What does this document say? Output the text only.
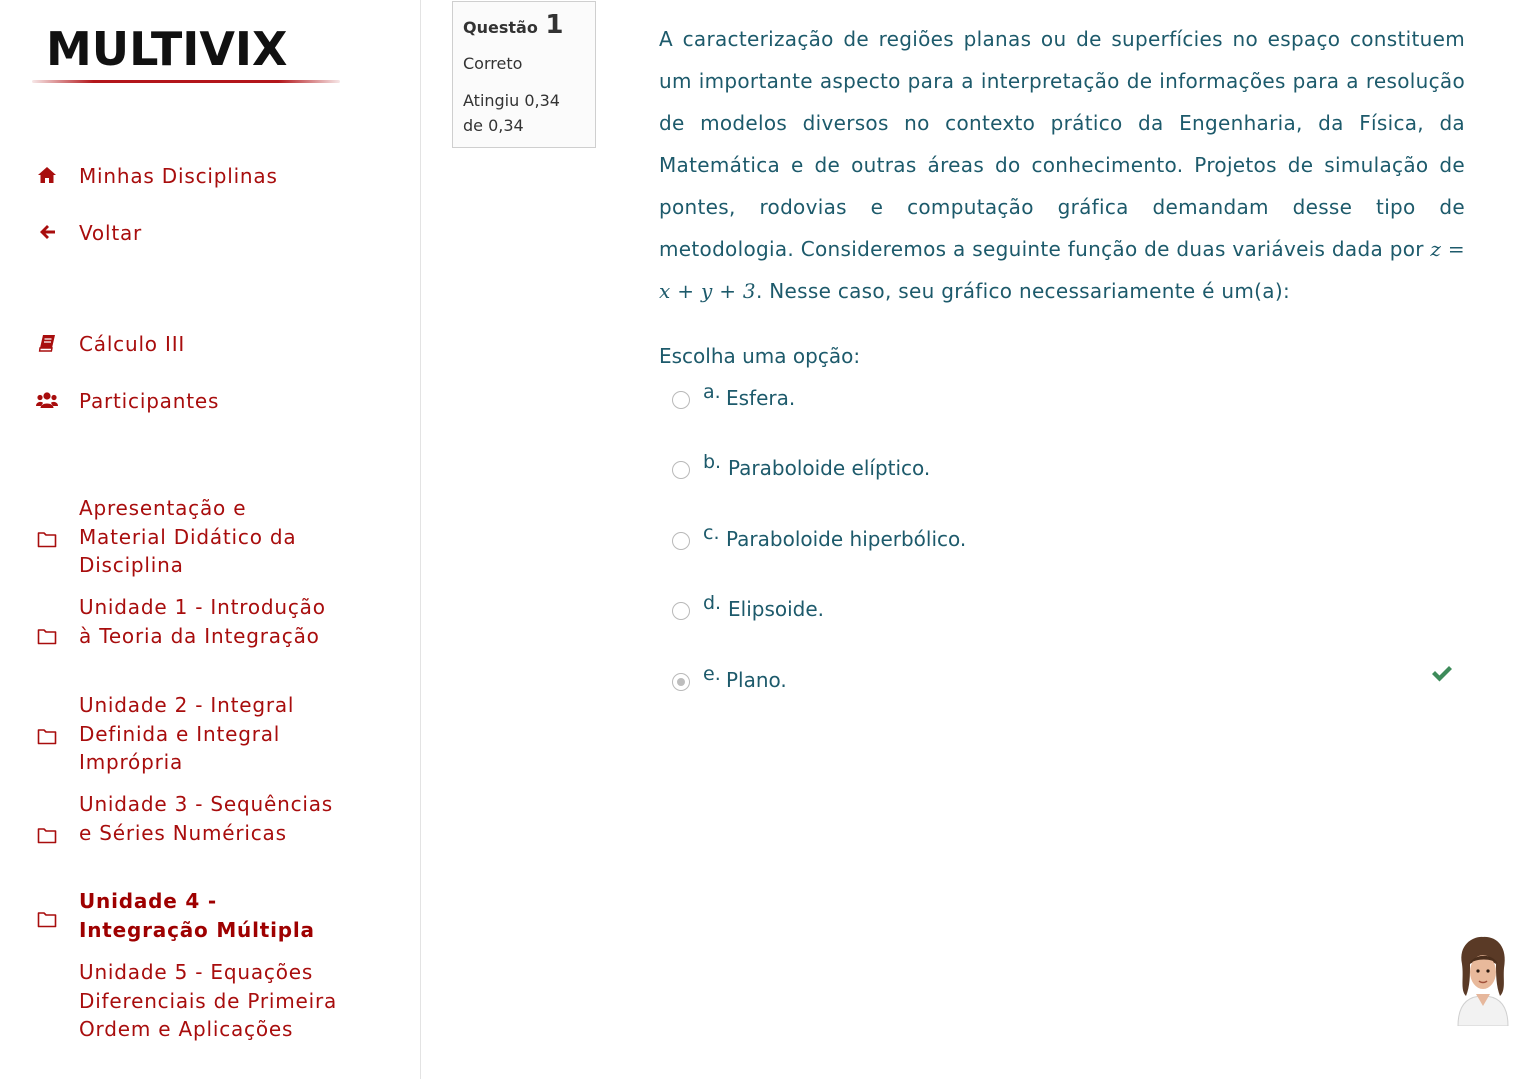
MULTIVIX
Minhas Disciplinas
Voltar
Cálculo III
Participantes
Apresentação e Material Didático da Disciplina
Unidade 1 - Introdução à Teoria da Integração
Unidade 2 - Integral Definida e Integral Imprópria
Unidade 3 - Sequências e Séries Numéricas
Unidade 4 - Integração Múltipla
Unidade 5 - Equações Diferenciais de Primeira Ordem e Aplicações
Questão 1
Correto
Atingiu 0,34 de 0,34
A caracterização de regiões planas ou de superfícies no espaço constituem um importante aspecto para a interpretação de informações para a resolução de modelos diversos no contexto prático da Engenharia, da Física, da Matemática e de outras áreas do conhecimento. Projetos de simulação de pontes, rodovias e computação gráfica demandam desse tipo de metodologia. Consideremos a seguinte função de duas variáveis dada por z = x + y + 3. Nesse caso, seu gráfico necessariamente é um(a):
Escolha uma opção:
a. Esfera.
b. Paraboloide elíptico.
c. Paraboloide hiperbólico.
d. Elipsoide.
e. Plano.
